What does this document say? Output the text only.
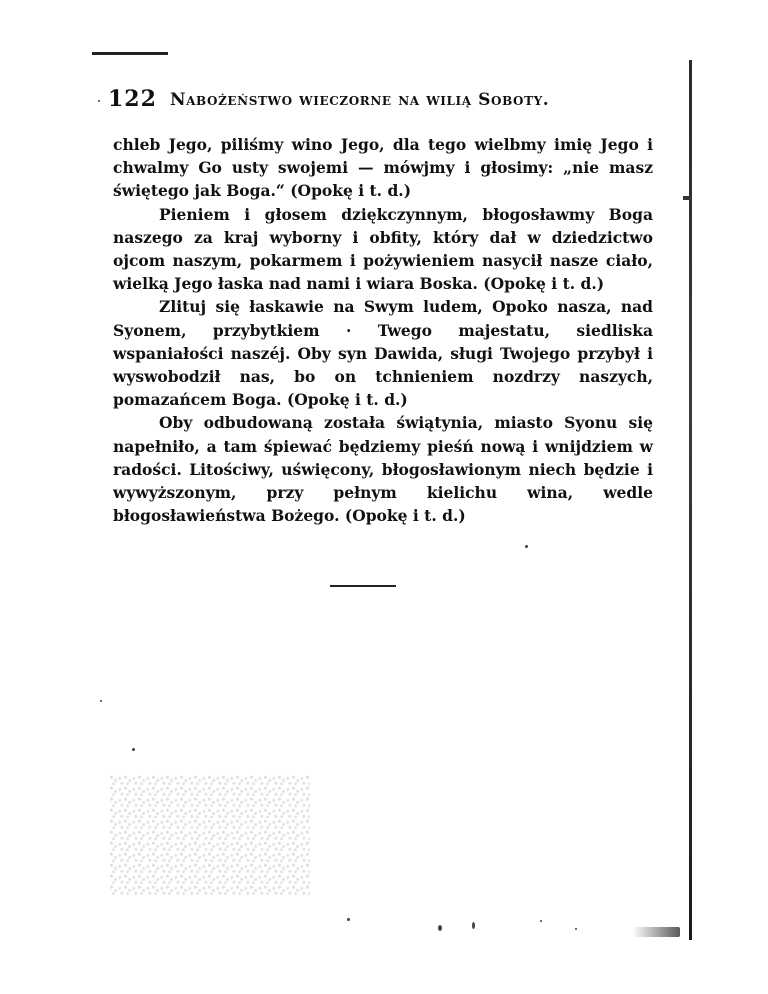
122 Nabożeństwo wieczorne na wilią Soboty.

chleb Jego, piliśmy wino Jego, dla tego wielbmy imię Jego i chwalmy Go usty swojemi — mówjmy i głosimy: „nie masz świętego jak Boga.“ (Opokę i t. d.)

Pieniem i głosem dziękczynnym, błogosławmy Boga naszego za kraj wyborny i obfity, który dał w dziedzictwo ojcom naszym, pokarmem i pożywieniem nasycił nasze ciało, wielką Jego łaska nad nami i wiara Boska. (Opokę i t. d.)

Zlituj się łaskawie na Swym ludem, Opoko nasza, nad Syonem, przybytkiem · Twego majestatu, siedliska wspaniałości naszéj. Oby syn Dawida, sługi Twojego przybył i wyswobodził nas, bo on tchnieniem nozdrzy naszych, pomazańcem Boga. (Opokę i t. d.)

Oby odbudowaną została świątynia, miasto Syonu się napełniło, a tam śpiewać będziemy pieśń nową i wnijdziem w radości. Litościwy, uświęcony, błogosławionym niech będzie i wywyższonym, przy pełnym kielichu wina, wedle błogosławieństwa Bożego. (Opokę i t. d.)
